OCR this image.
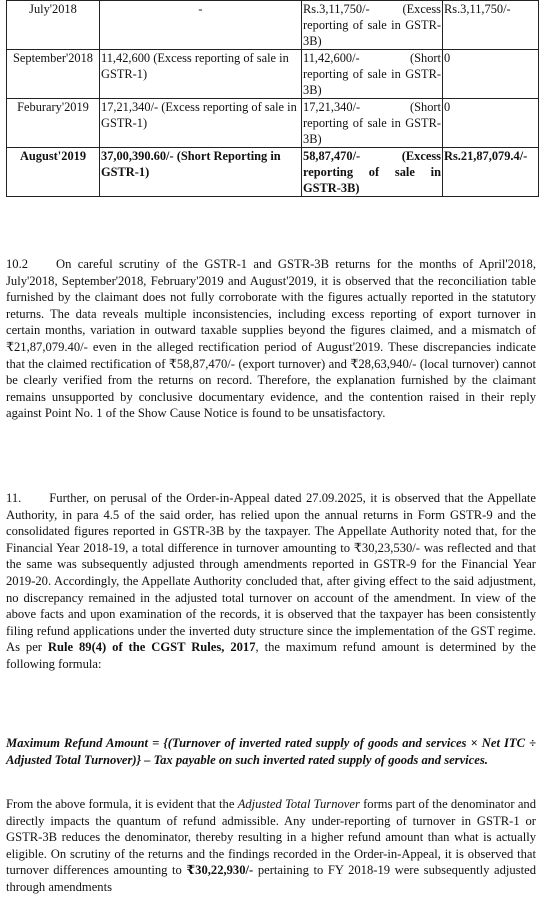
July'2018	-	Rs.3,11,750/- (Excess reporting of sale in GSTR-3B)	Rs.3,11,750/-
September'2018	11,42,600 (Excess reporting of sale in GSTR-1)	11,42,600/- (Short reporting of sale in GSTR-3B)	0
Feburary'2019	17,21,340/- (Excess reporting of sale in GSTR-1)	17,21,340/- (Short reporting of sale in GSTR-3B)	0
August'2019	37,00,390.60/- (Short Reporting in GSTR-1)	58,87,470/- (Excess reporting of sale in GSTR-3B)	Rs.21,87,079.4/-

10.2 On careful scrutiny of the GSTR-1 and GSTR-3B returns for the months of April'2018, July'2018, September'2018, February'2019 and August'2019, it is observed that the reconciliation table furnished by the claimant does not fully corroborate with the figures actually reported in the statutory returns. The data reveals multiple inconsistencies, including excess reporting of export turnover in certain months, variation in outward taxable supplies beyond the figures claimed, and a mismatch of ₹21,87,079.40/- even in the alleged rectification period of August'2019. These discrepancies indicate that the claimed rectification of ₹58,87,470/- (export turnover) and ₹28,63,940/- (local turnover) cannot be clearly verified from the returns on record. Therefore, the explanation furnished by the claimant remains unsupported by conclusive documentary evidence, and the contention raised in their reply against Point No. 1 of the Show Cause Notice is found to be unsatisfactory.

11. Further, on perusal of the Order-in-Appeal dated 27.09.2025, it is observed that the Appellate Authority, in para 4.5 of the said order, has relied upon the annual returns in Form GSTR-9 and the consolidated figures reported in GSTR-3B by the taxpayer. The Appellate Authority noted that, for the Financial Year 2018-19, a total difference in turnover amounting to ₹30,23,530/- was reflected and that the same was subsequently adjusted through amendments reported in GSTR-9 for the Financial Year 2019-20. Accordingly, the Appellate Authority concluded that, after giving effect to the said adjustment, no discrepancy remained in the adjusted total turnover on account of the amendment. In view of the above facts and upon examination of the records, it is observed that the taxpayer has been consistently filing refund applications under the inverted duty structure since the implementation of the GST regime. As per Rule 89(4) of the CGST Rules, 2017, the maximum refund amount is determined by the following formula:

Maximum Refund Amount = {(Turnover of inverted rated supply of goods and services × Net ITC ÷ Adjusted Total Turnover)} – Tax payable on such inverted rated supply of goods and services.

From the above formula, it is evident that the Adjusted Total Turnover forms part of the denominator and directly impacts the quantum of refund admissible. Any under-reporting of turnover in GSTR-1 or GSTR-3B reduces the denominator, thereby resulting in a higher refund amount than what is actually eligible. On scrutiny of the returns and the findings recorded in the Order-in-Appeal, it is observed that turnover differences amounting to ₹30,22,930/- pertaining to FY 2018-19 were subsequently adjusted through amendments
